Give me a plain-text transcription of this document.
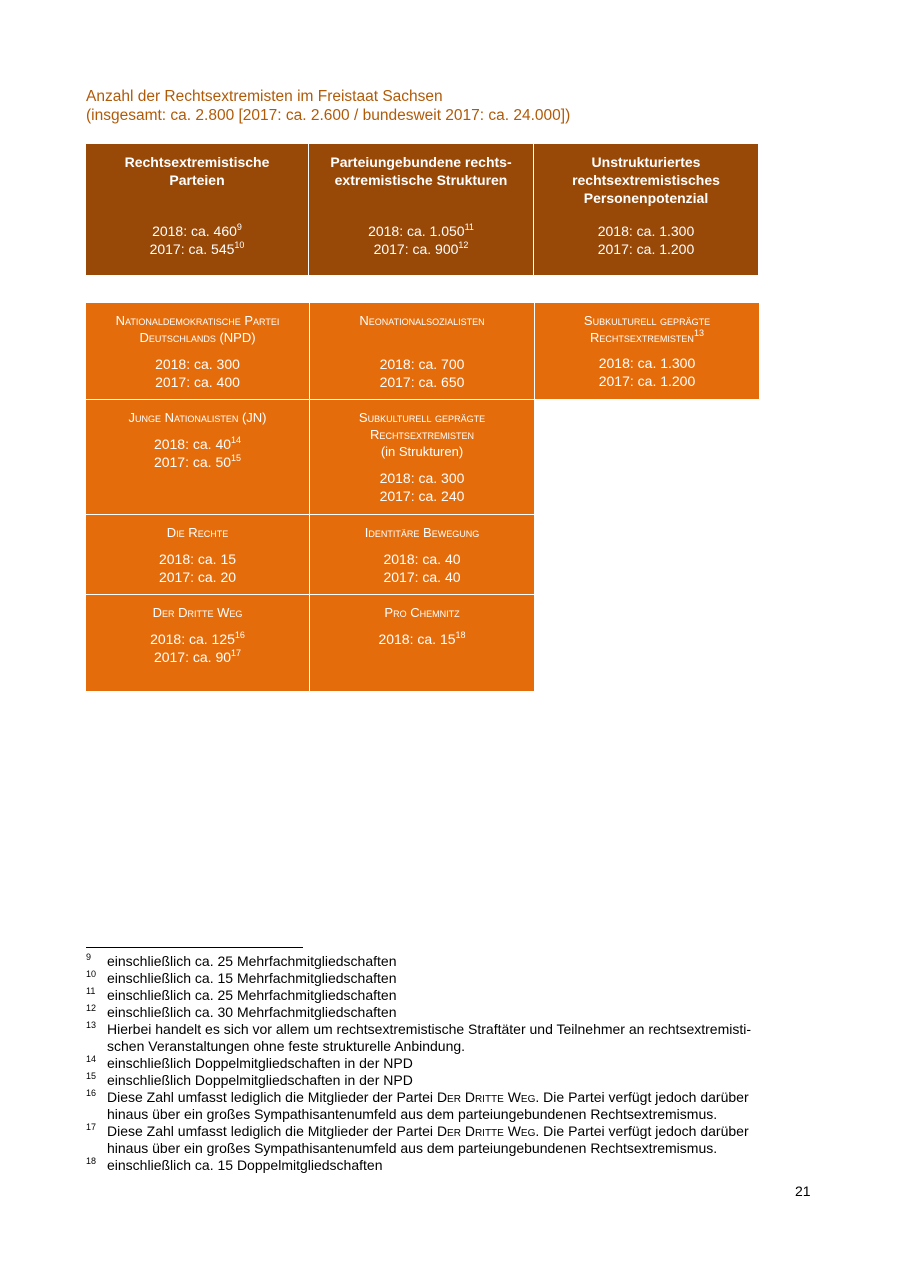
Anzahl der Rechtsextremisten im Freistaat Sachsen
(insgesamt: ca. 2.800 [2017: ca. 2.600 / bundesweit 2017: ca. 24.000])
Rechtsextremistische Parteien
2018: ca. $460^9$
2017: ca. $545^{10}$
Parteiungebundene rechts-extremistische Strukturen
2018: ca. 1.050$^{11}$
2017: ca. $900^{12}$
Unstrukturiertes rechtsextremistisches Personenpotenzial
2018: ca. 1.300
2017: ca. 1.200
Nationaldemokratische Partei Deutschlands (NPD)
2018: ca. 300
2017: ca. 400
Junge Nationalisten (JN)
2018: ca. $40^{14}$
2017: ca. $50^{15}$
Die Rechte
2018: ca. 15
2017: ca. 20
Der Dritte Weg
2018: ca. $125^{16}$
2017: ca. $90^{17}$
Neonationalsozialisten
2018: ca. 700
2017: ca. 650
Subkulturell geprägte Rechtsextremisten
(in Strukturen)
2018: ca. 300
2017: ca. 240
Identitäre Bewegung
2018: ca. 40
2017: ca. 40
Pro Chemnitz
2018: ca. $15^{18}$
Subkulturell geprägte Rechtsextremisten$^{13}$
2018: ca. 1.300
2017: ca. 1.200
9 einschließlich ca. 25 Mehrfachmitgliedschaften
10 einschließlich ca. 15 Mehrfachmitgliedschaften
11 einschließlich ca. 25 Mehrfachmitgliedschaften
12 einschließlich ca. 30 Mehrfachmitgliedschaften
13 Hierbei handelt es sich vor allem um rechtsextremistische Straftäter und Teilnehmer an rechtsextremisti-
schen Veranstaltungen ohne feste strukturelle Anbindung.
14 einschließlich Doppelmitgliedschaften in der NPD
15 einschließlich Doppelmitgliedschaften in der NPD
16 Diese Zahl umfasst lediglich die Mitglieder der Partei Der Dritte Weg. Die Partei verfügt jedoch darüber
hinaus über ein großes Sympathisantenumfeld aus dem parteiungebundenen Rechtsextremismus.
17 Diese Zahl umfasst lediglich die Mitglieder der Partei Der Dritte Weg. Die Partei verfügt jedoch darüber
hinaus über ein großes Sympathisantenumfeld aus dem parteiungebundenen Rechtsextremismus.
18 einschließlich ca. 15 Doppelmitgliedschaften
21
